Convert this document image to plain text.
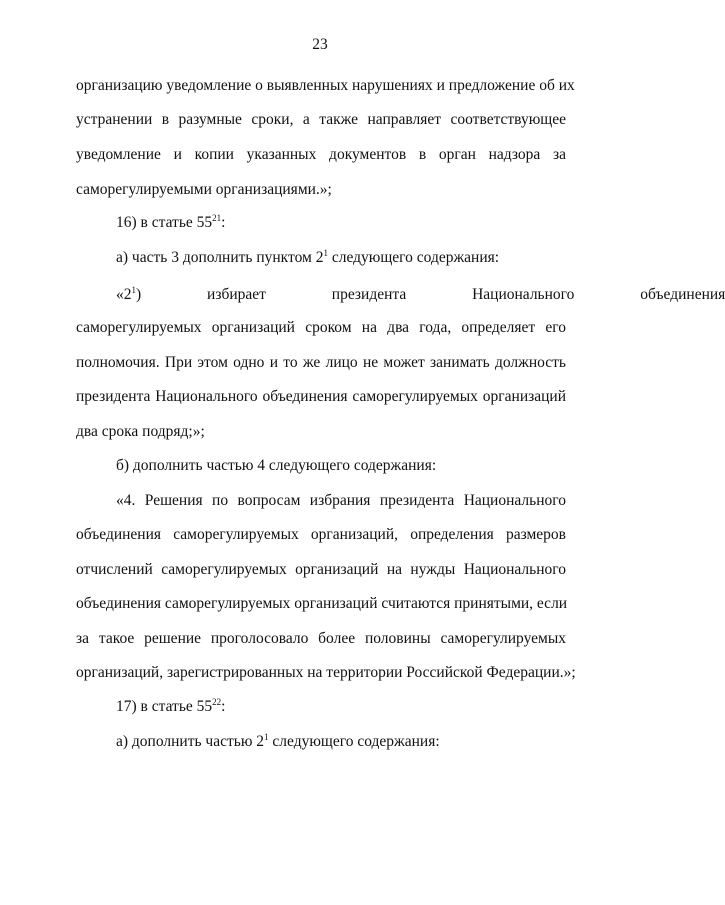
23
организацию уведомление о выявленных нарушениях и предложение об их
устранении в разумные сроки, а также направляет соответствующее
уведомление и копии указанных документов в орган надзора за
саморегулируемыми организациями.»;
16) в статье $55^{21}$:
а) часть 3 дополнить пунктом $2^1$ следующего содержания:
«$2^1$) избирает президента Национального объединения
саморегулируемых организаций сроком на два года, определяет его
полномочия. При этом одно и то же лицо не может занимать должность
президента Национального объединения саморегулируемых организаций
два срока подряд;»;
б) дополнить частью 4 следующего содержания:
«4. Решения по вопросам избрания президента Национального
объединения саморегулируемых организаций, определения размеров
отчислений саморегулируемых организаций на нужды Национального
объединения саморегулируемых организаций считаются принятыми, если
за такое решение проголосовало более половины саморегулируемых
организаций, зарегистрированных на территории Российской Федерации.»;
17) в статье $55^{22}$:
а) дополнить частью $2^1$ следующего содержания:
